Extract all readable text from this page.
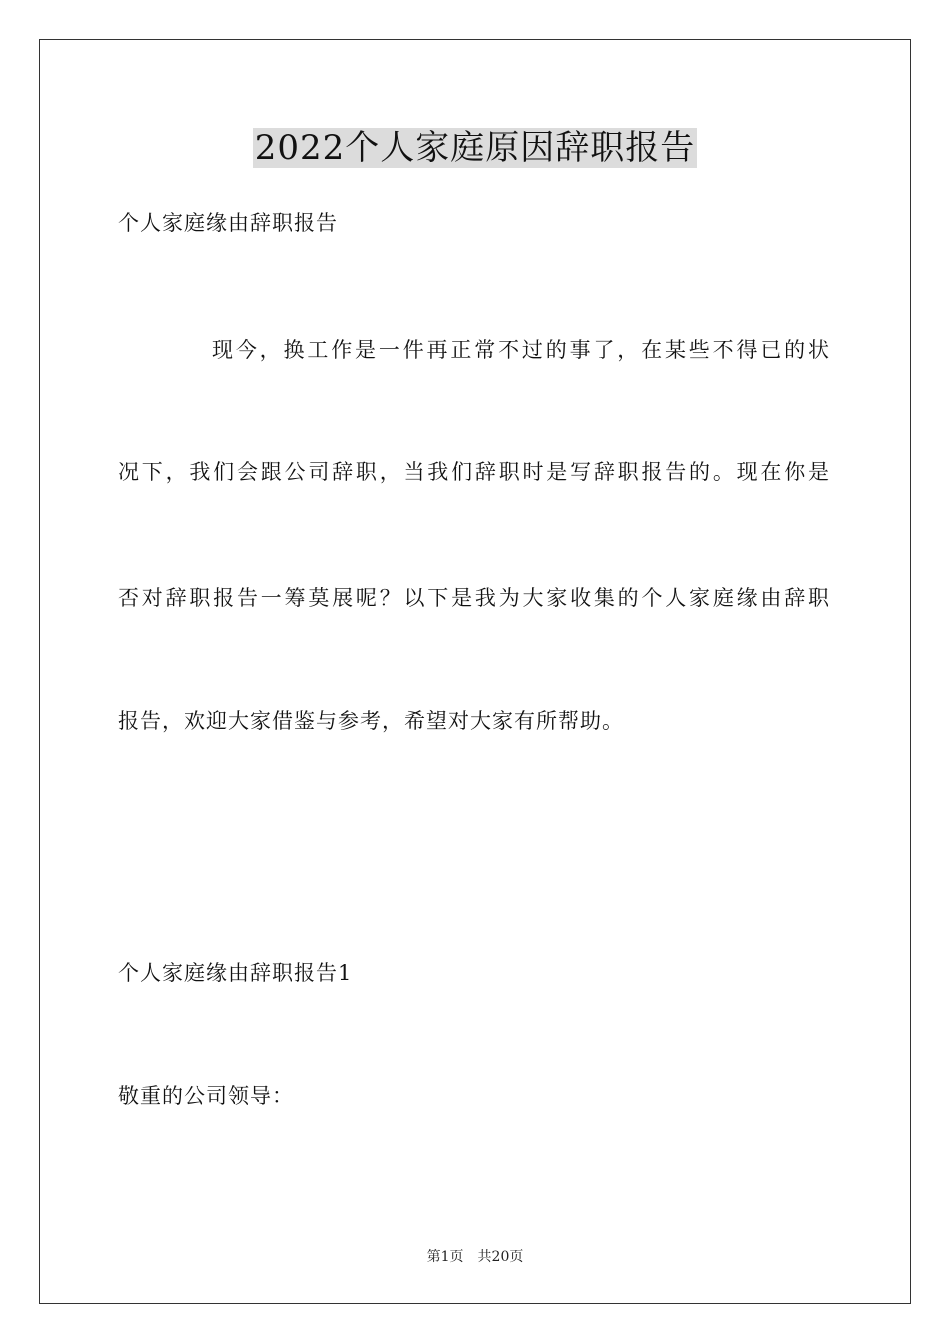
2022个人家庭原因辞职报告
个人家庭缘由辞职报告
现今，换工作是一件再正常不过的事了，在某些不得已的状
况下，我们会跟公司辞职，当我们辞职时是写辞职报告的。现在你是
否对辞职报告一筹莫展呢？以下是我为大家收集的个人家庭缘由辞职
报告，欢迎大家借鉴与参考，希望对大家有所帮助。
个人家庭缘由辞职报告1
敬重的公司领导：
第1页　共20页
